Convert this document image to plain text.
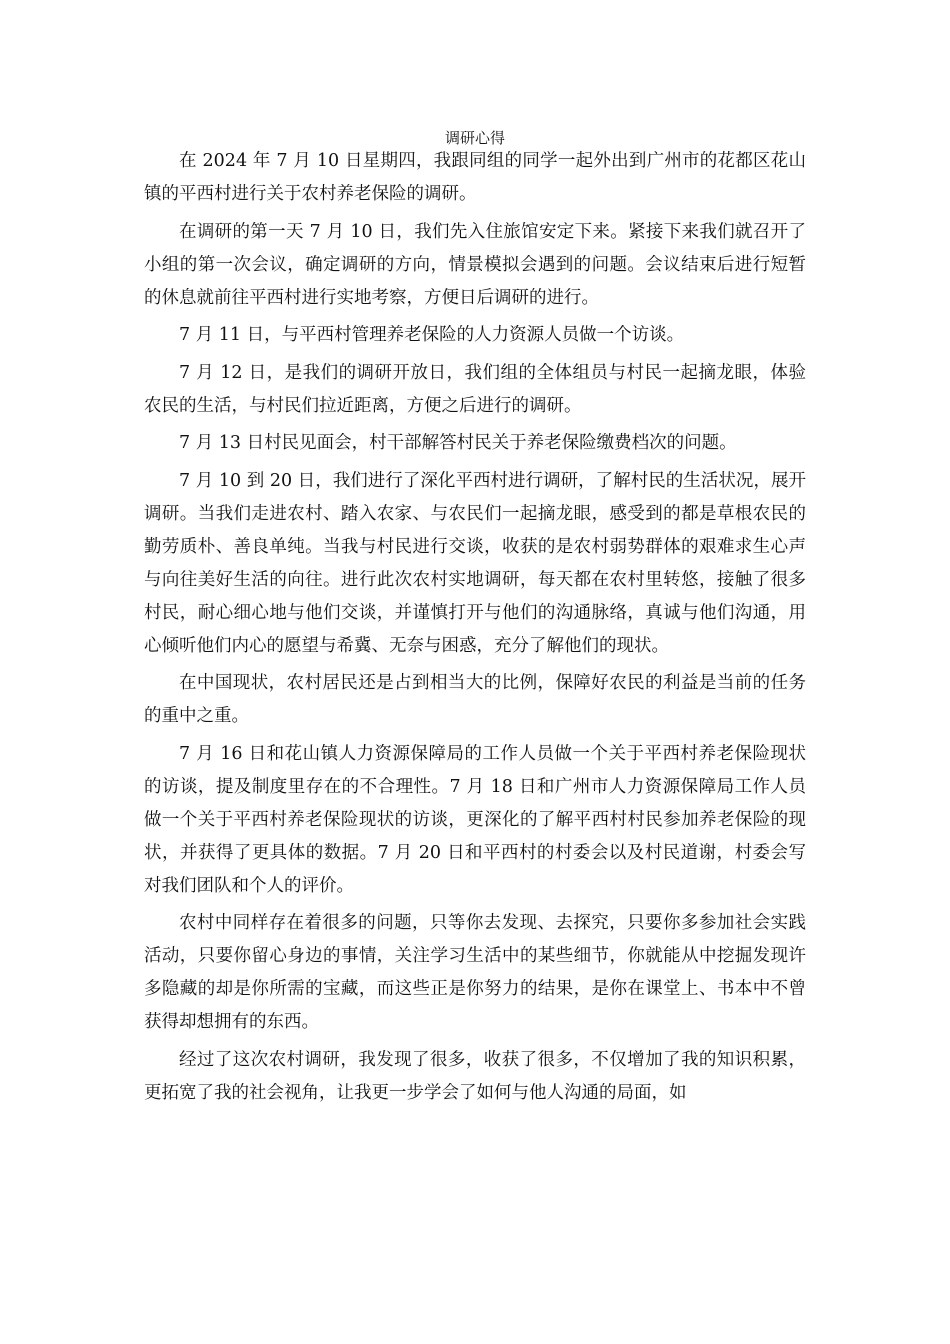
调研心得

在 2024 年 7 月 10 日星期四，我跟同组的同学一起外出到广州市的花都区花山镇的平西村进行关于农村养老保险的调研。

在调研的第一天 7 月 10 日，我们先入住旅馆安定下来。紧接下来我们就召开了小组的第一次会议，确定调研的方向，情景模拟会遇到的问题。会议结束后进行短暂的休息就前往平西村进行实地考察，方便日后调研的进行。

7 月 11 日，与平西村管理养老保险的人力资源人员做一个访谈。

7 月 12 日，是我们的调研开放日，我们组的全体组员与村民一起摘龙眼，体验农民的生活，与村民们拉近距离，方便之后进行的调研。

7 月 13 日村民见面会，村干部解答村民关于养老保险缴费档次的问题。

7 月 10 到 20 日，我们进行了深化平西村进行调研，了解村民的生活状况，展开调研。当我们走进农村、踏入农家、与农民们一起摘龙眼，感受到的都是草根农民的勤劳质朴、善良单纯。当我与村民进行交谈，收获的是农村弱势群体的艰难求生心声与向往美好生活的向往。进行此次农村实地调研，每天都在农村里转悠，接触了很多村民，耐心细心地与他们交谈，并谨慎打开与他们的沟通脉络，真诚与他们沟通，用心倾听他们内心的愿望与希冀、无奈与困惑，充分了解他们的现状。

在中国现状，农村居民还是占到相当大的比例，保障好农民的利益是当前的任务的重中之重。

7 月 16 日和花山镇人力资源保障局的工作人员做一个关于平西村养老保险现状的访谈，提及制度里存在的不合理性。7 月 18 日和广州市人力资源保障局工作人员做一个关于平西村养老保险现状的访谈，更深化的了解平西村村民参加养老保险的现状，并获得了更具体的数据。7 月 20 日和平西村的村委会以及村民道谢，村委会写对我们团队和个人的评价。

农村中同样存在着很多的问题，只等你去发现、去探究，只要你多参加社会实践活动，只要你留心身边的事情，关注学习生活中的某些细节，你就能从中挖掘发现许多隐藏的却是你所需的宝藏，而这些正是你努力的结果，是你在课堂上、书本中不曾获得却想拥有的东西。

经过了这次农村调研，我发现了很多，收获了很多，不仅增加了我的知识积累，更拓宽了我的社会视角，让我更一步学会了如何与他人沟通的局面，如
